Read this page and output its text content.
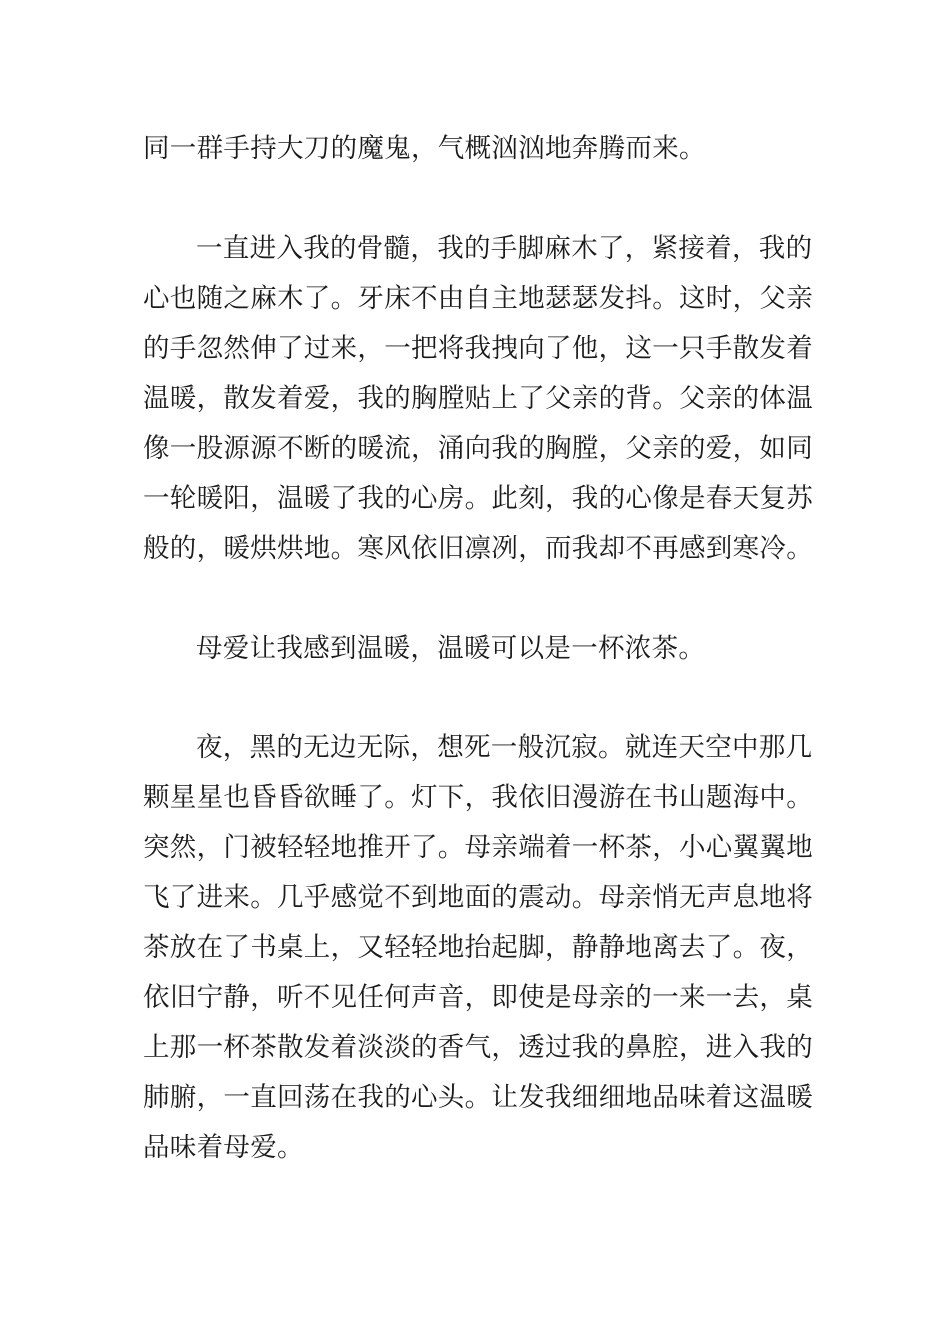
同一群手持大刀的魔鬼，气概汹汹地奔腾而来。

一直进入我的骨髓，我的手脚麻木了，紧接着，我的

心也随之麻木了。牙床不由自主地瑟瑟发抖。这时，父亲

的手忽然伸了过来，一把将我拽向了他，这一只手散发着

温暖，散发着爱，我的胸膛贴上了父亲的背。父亲的体温

像一股源源不断的暖流，涌向我的胸膛，父亲的爱，如同

一轮暖阳，温暖了我的心房。此刻，我的心像是春天复苏

般的，暖烘烘地。寒风依旧凛冽，而我却不再感到寒冷。

母爱让我感到温暖，温暖可以是一杯浓茶。

夜，黑的无边无际，想死一般沉寂。就连天空中那几

颗星星也昏昏欲睡了。灯下，我依旧漫游在书山题海中。

突然，门被轻轻地推开了。母亲端着一杯茶，小心翼翼地

飞了进来。几乎感觉不到地面的震动。母亲悄无声息地将

茶放在了书桌上，又轻轻地抬起脚，静静地离去了。夜，

依旧宁静，听不见任何声音，即使是母亲的一来一去，桌

上那一杯茶散发着淡淡的香气，透过我的鼻腔，进入我的

肺腑，一直回荡在我的心头。让发我细细地品味着这温暖

品味着母爱。
